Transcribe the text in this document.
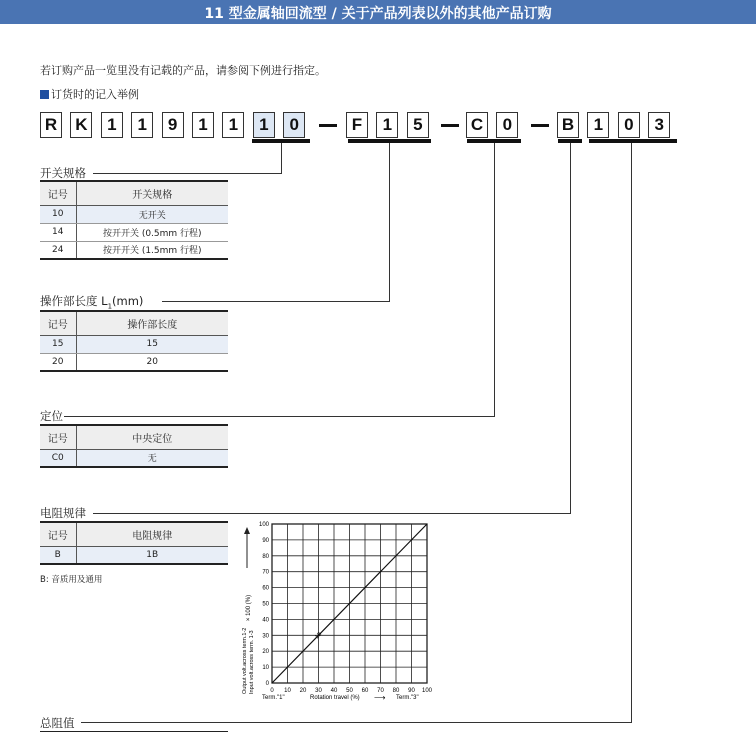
11 型金属轴回流型 / 关于产品列表以外的其他产品订购
若订购产品一览里没有记载的产品，请参阅下例进行指定。
订货时的记入举例
R K	1	1	9	1	1	1	0	F	1	5	C	0	B	1	0	3
开关规格
记号	开关规格
10	无开关
14	按开开关 (0.5mm 行程)
24	按开开关 (1.5mm 行程)
操作部长度 $L_1(mm)$
记号	操作部长度
15	15
20	20
定位
记号	中央定位
C0	无
电阻规律
记号	电阻规律
B	1B
B: 音质用及通用
0
10
20
30
40
50
60
70
80
90
100
0 10 20 30 40 50 60 70 80 90 100
1B
× 100 (%)
Output volt.across term.1-2 Input volt.across term. 1-3
Term."1"	Rotation travel (%) ⟶ Term."3"
总阻值
